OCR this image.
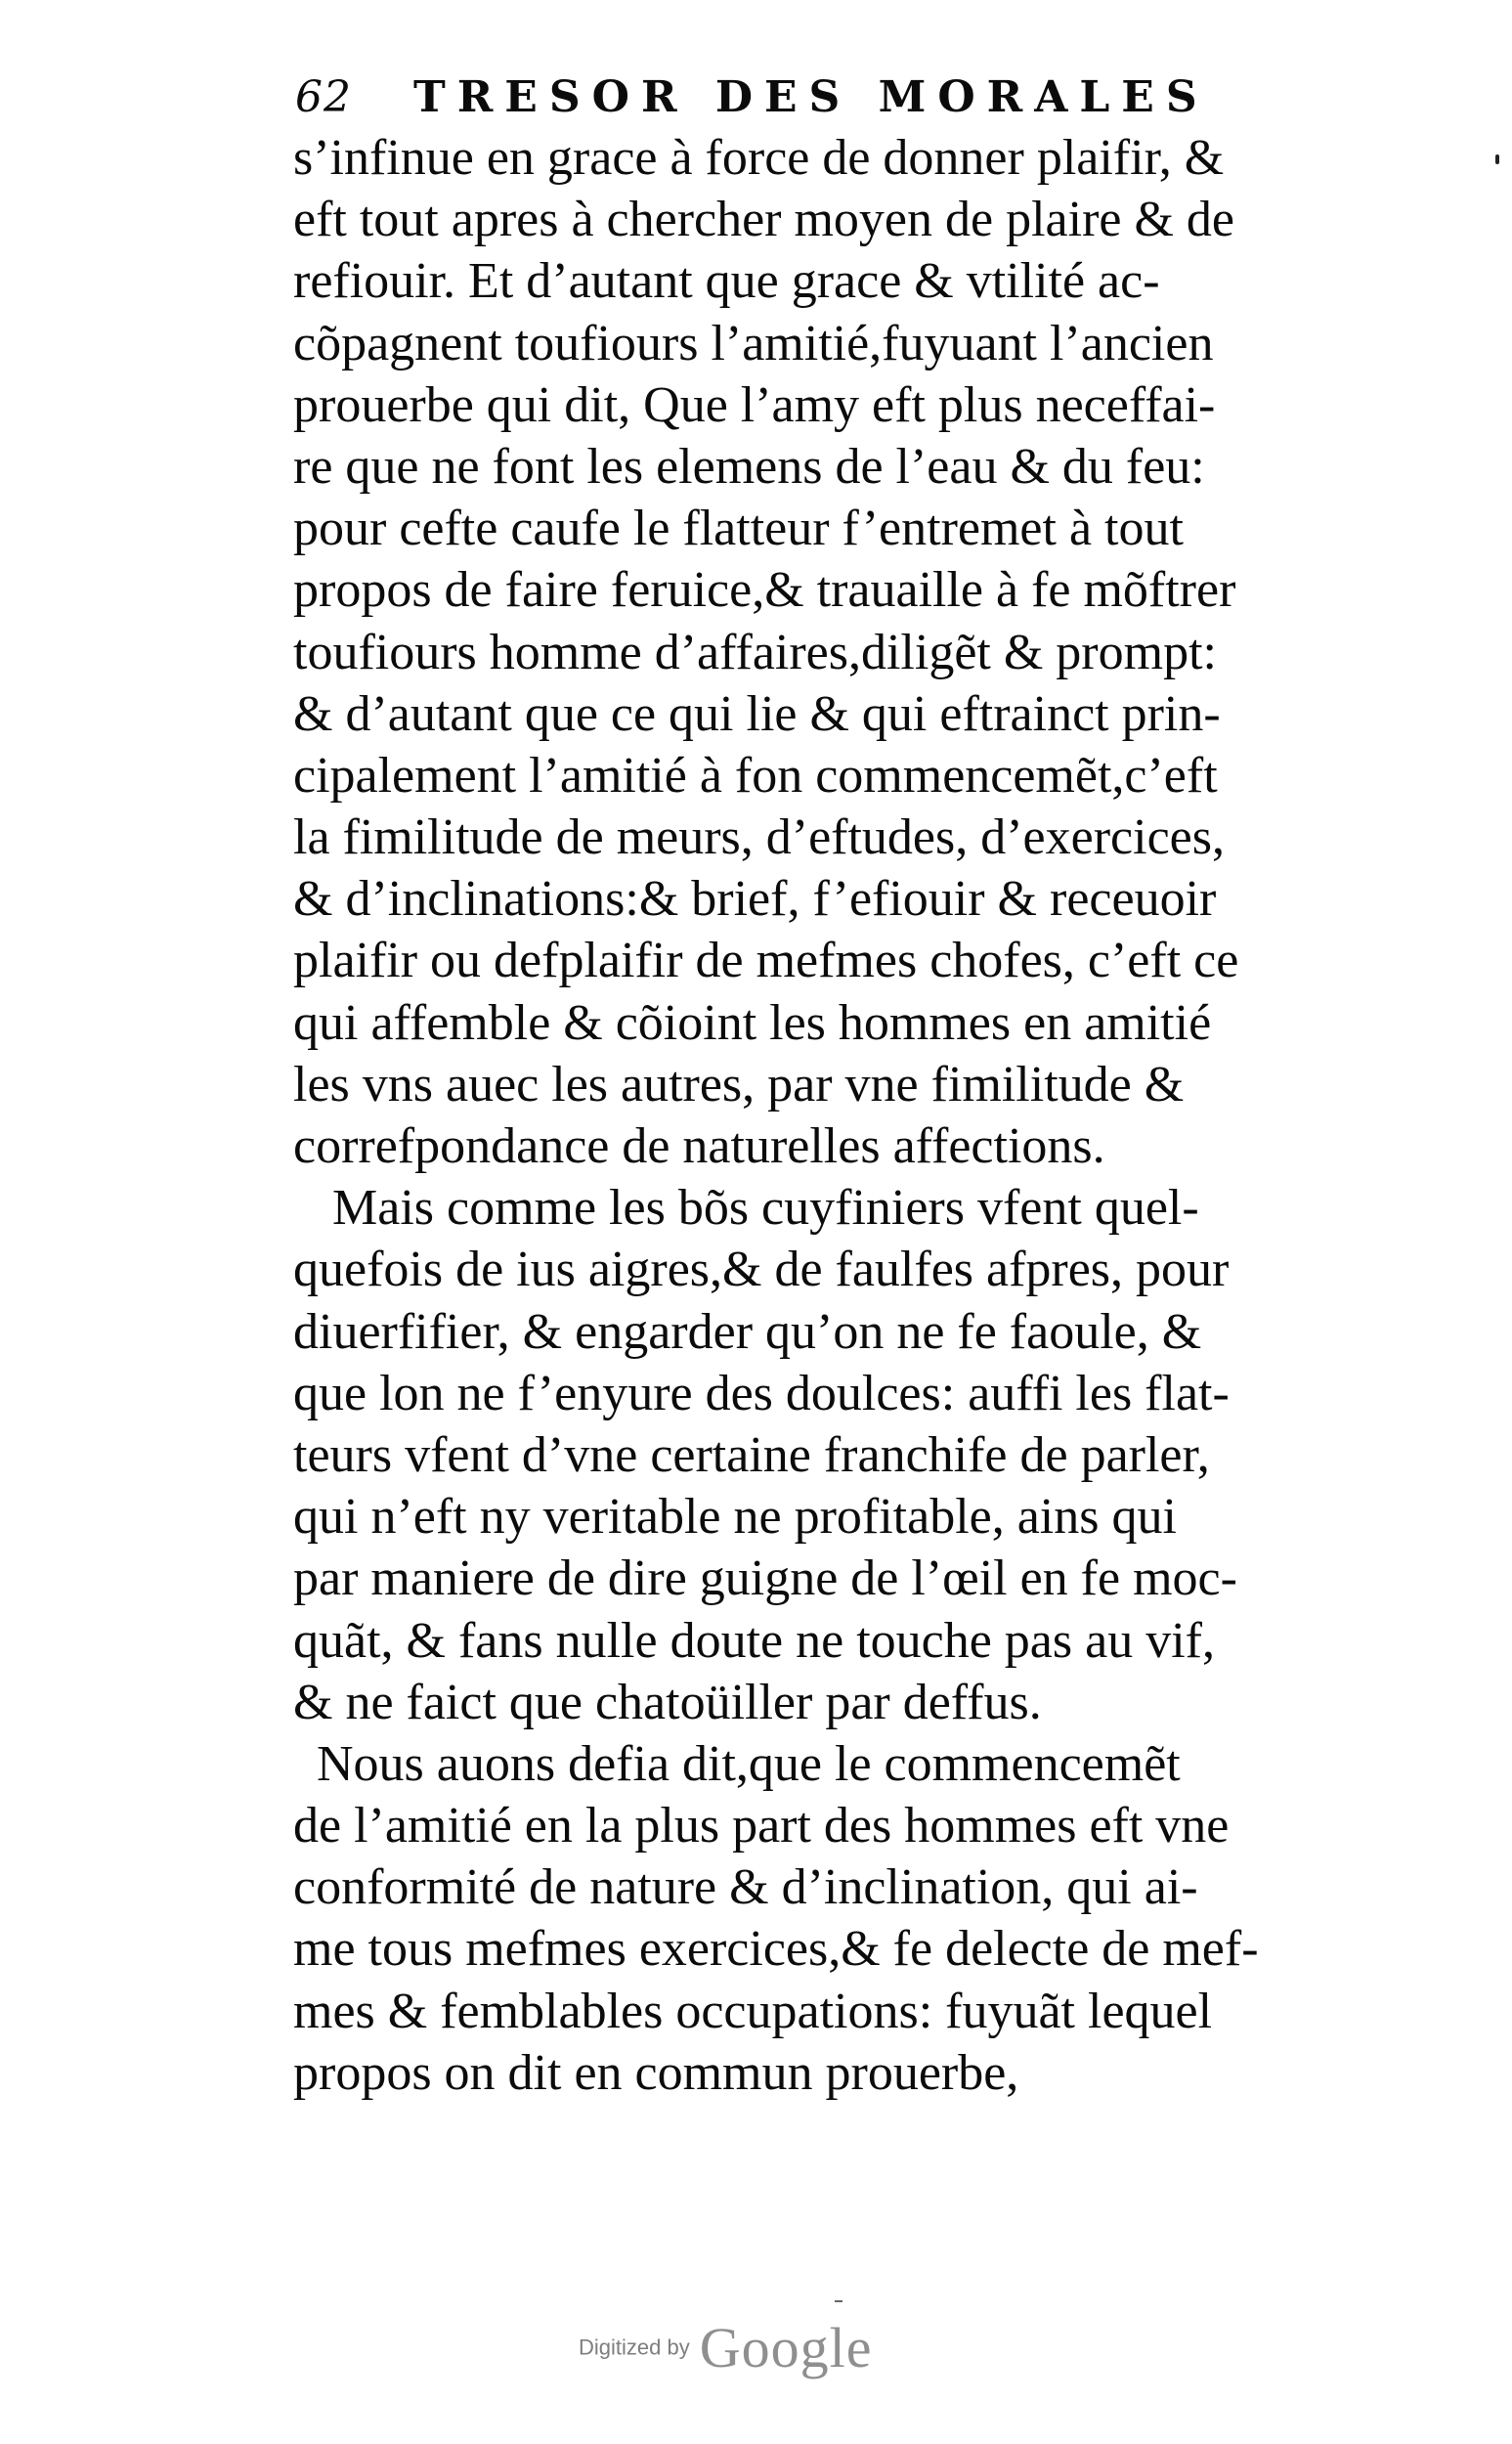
62 TRESOR DES MORALES
s’infinue en grace à force de donner plaifir, &
eft tout apres à chercher moyen de plaire & de
refiouir. Et d’autant que grace & vtilité ac-
cõpagnent toufiours l’amitié,fuyuant l’ancien
prouerbe qui dit, Que l’amy eft plus neceffai-
re que ne font les elemens de l’eau & du feu:
pour cefte caufe le flatteur f’entremet à tout
propos de faire feruice,& trauaille à fe mõftrer
toufiours homme d’affaires,diligẽt & prompt:
& d’autant que ce qui lie & qui eftrainct prin-
cipalement l’amitié à fon commencemẽt,c’eft
la fimilitude de meurs, d’eftudes, d’exercices,
& d’inclinations:& brief, f’efiouir & receuoir
plaifir ou defplaifir de mefmes chofes, c’eft ce
qui affemble & cõioint les hommes en amitié
les vns auec les autres, par vne fimilitude &
correfpondance de naturelles affections.
Mais comme les bõs cuyfiniers vfent quel-
quefois de ius aigres,& de faulfes afpres, pour
diuerfifier, & engarder qu’on ne fe faoule, &
que lon ne f’enyure des doulces: auffi les flat-
teurs vfent d’vne certaine franchife de parler,
qui n’eft ny veritable ne profitable, ains qui
par maniere de dire guigne de l’œil en fe moc-
quãt, & fans nulle doute ne touche pas au vif,
& ne faict que chatoüiller par deffus.
Nous auons defia dit,que le commencemẽt
de l’amitié en la plus part des hommes eft vne
conformité de nature & d’inclination, qui ai-
me tous mefmes exercices,& fe delecte de mef-
mes & femblables occupations: fuyuãt lequel
propos on dit en commun prouerbe,
Digitized by Google
